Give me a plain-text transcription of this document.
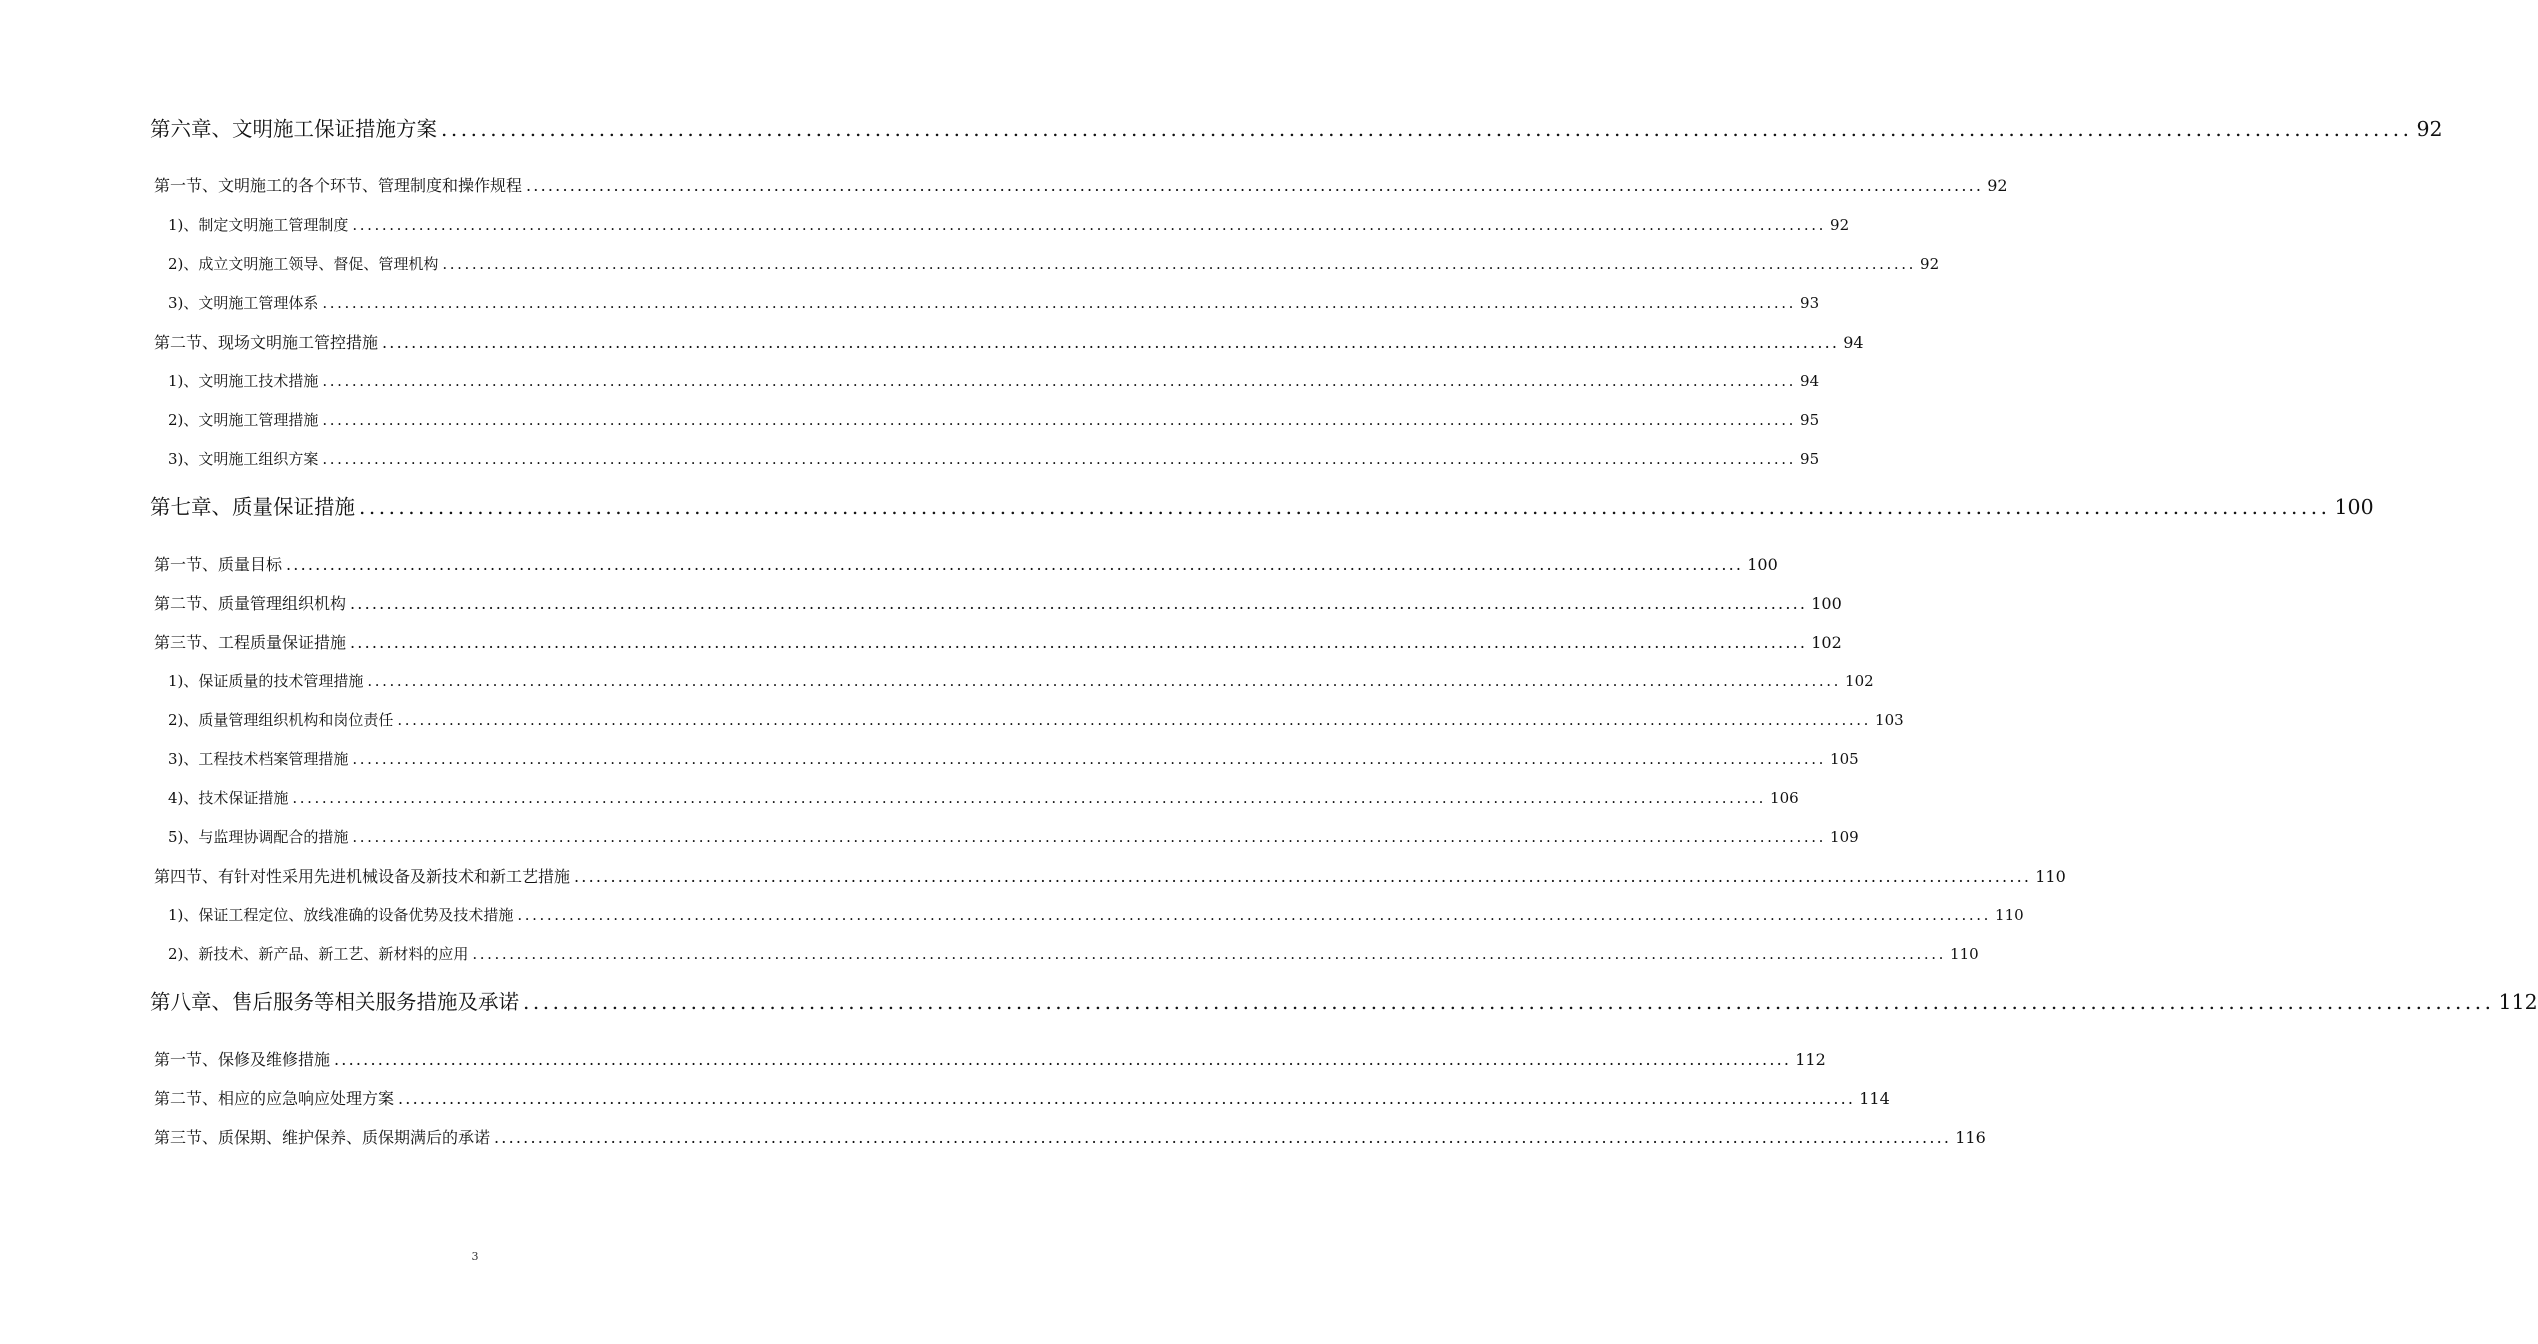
第六章、文明施工保证措施方案 ........................................................................................................................................................................................................ 92
第一节、文明施工的各个环节、管理制度和操作规程 ........................................................................................................................................................................................................ 92
1)、制定文明施工管理制度 ........................................................................................................................................................................................................ 92
2)、成立文明施工领导、督促、管理机构 ........................................................................................................................................................................................................ 92
3)、文明施工管理体系 ........................................................................................................................................................................................................ 93
第二节、现场文明施工管控措施 ........................................................................................................................................................................................................ 94
1)、文明施工技术措施 ........................................................................................................................................................................................................ 94
2)、文明施工管理措施 ........................................................................................................................................................................................................ 95
3)、文明施工组织方案 ........................................................................................................................................................................................................ 95
第七章、质量保证措施 ........................................................................................................................................................................................................ 100
第一节、质量目标 ........................................................................................................................................................................................................ 100
第二节、质量管理组织机构 ........................................................................................................................................................................................................ 100
第三节、工程质量保证措施 ........................................................................................................................................................................................................ 102
1)、保证质量的技术管理措施 ........................................................................................................................................................................................................ 102
2)、质量管理组织机构和岗位责任 ........................................................................................................................................................................................................ 103
3)、工程技术档案管理措施 ........................................................................................................................................................................................................ 105
4)、技术保证措施 ........................................................................................................................................................................................................ 106
5)、与监理协调配合的措施 ........................................................................................................................................................................................................ 109
第四节、有针对性采用先进机械设备及新技术和新工艺措施 ........................................................................................................................................................................................................ 110
1)、保证工程定位、放线准确的设备优势及技术措施 ........................................................................................................................................................................................................ 110
2)、新技术、新产品、新工艺、新材料的应用 ........................................................................................................................................................................................................ 110
第八章、售后服务等相关服务措施及承诺 ........................................................................................................................................................................................................ 112
第一节、保修及维修措施 ........................................................................................................................................................................................................ 112
第二节、相应的应急响应处理方案 ........................................................................................................................................................................................................ 114
第三节、质保期、维护保养、质保期满后的承诺 ........................................................................................................................................................................................................ 116
3
